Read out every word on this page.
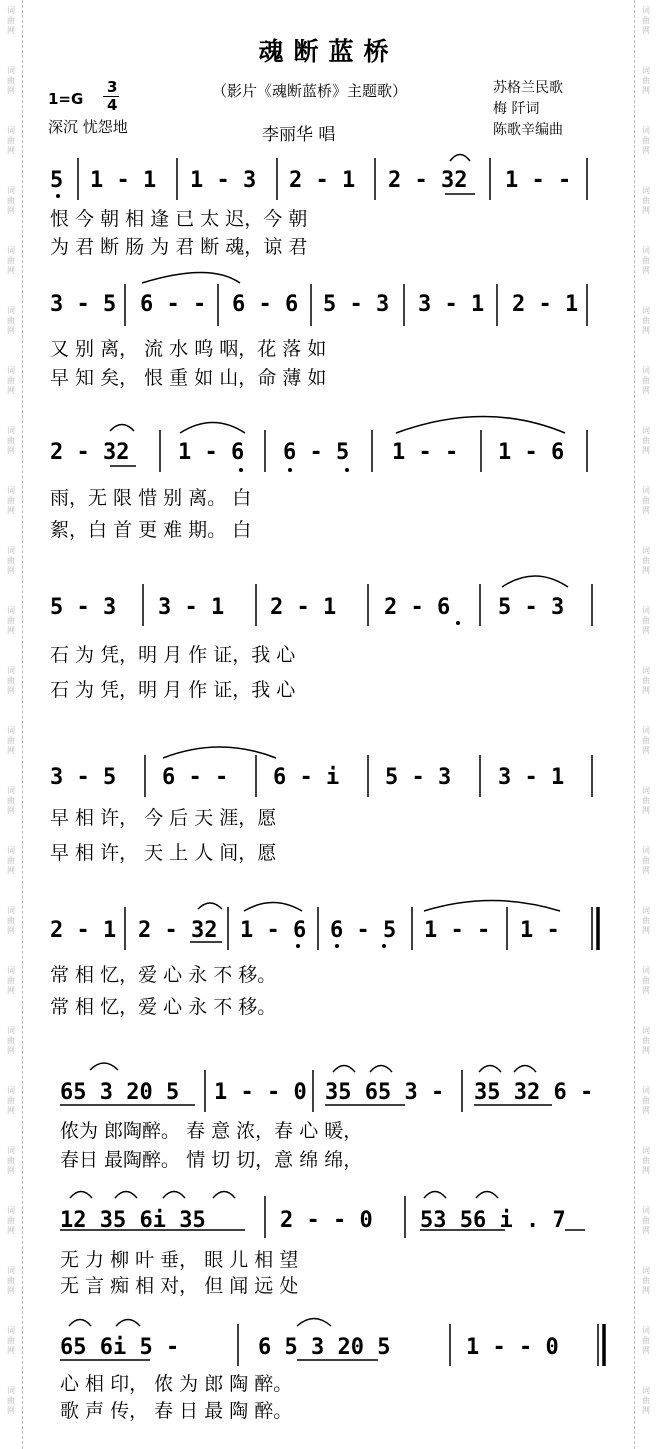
词
曲
网
词
曲
网
词
曲
网
词
曲
网
词
曲
网
词
曲
网
词
曲
网
词
曲
网
词
曲
网
词
曲
网
词
曲
网
词
曲
网
词
曲
网
词
曲
网
词
曲
网
词
曲
网
词
曲
网
词
曲
网
词
曲
网
词
曲
网
词
曲
网
词
曲
网
词
曲
网
词
曲
网
词
曲
网
词
曲
网
词
曲
网
词
曲
网
词
曲
网
词
曲
网
词
曲
网
词
曲
网
词
曲
网
词
曲
网
词
曲
网
词
曲
网
词
曲
网
词
曲
网
词
曲
网
词
曲
网
词
曲
网
词
曲
网
词
曲
网
词
曲
网
词
曲
网
词
曲
网
词
曲
网
词
曲
网
魂断蓝桥
（影片《魂断蓝桥》主题歌）
1=G
3
4
深沉 忧怨地	李丽华 唱
苏格兰民歌
梅 阡词
陈歌辛编曲
5 1 - 1 1 - 3 2 - 1 2 - 32 1 - -
恨 今 朝 相 逢 已 太 迟，今 朝
为 君 断 肠 为 君 断 魂，谅 君
3 - 5 6 - - 6 - 6 5 - 3 3 - 1 2 - 1
又 别 离， 流 水 呜 咽，花 落 如
早 知 矣， 恨 重 如 山，命 薄 如
2 - 32 1 - 6 6 - 5 1 - - 1 - 6
雨，无 限 惜 别 离。 白
絮，白 首 更 难 期。 白
5 - 3 3 - 1 2 - 1 2 - 6 5 - 3
石 为 凭，明 月 作 证，我 心
石 为 凭，明 月 作 证，我 心
3 - 5 6 - - 6 - i 5 - 3 3 - 1
早 相 许， 今 后 天 涯，愿
早 相 许， 天 上 人 间，愿
2 - 1 2 - 32 1 - 6 6 - 5 1 - - 1 -
常 相 忆，爱 心 永 不 移。
常 相 忆，爱 心 永 不 移。
65 3 20 5 1 - - 0 35 65 3 - 35 32 6 -
侬为 郎陶醉。 春 意 浓，春 心 暖，
春日 最陶醉。 情 切 切，意 绵 绵，
12 35 6i 35	2 - - 0 53 56 i . 7
无 力 柳 叶 垂， 眼 儿 相 望
无 言 痴 相 对， 但 闻 远 处
65 6i 5 -	6 5 3 20 5	1 - - 0
心 相 印， 侬 为 郎 陶 醉。
歌 声 传， 春 日 最 陶 醉。
